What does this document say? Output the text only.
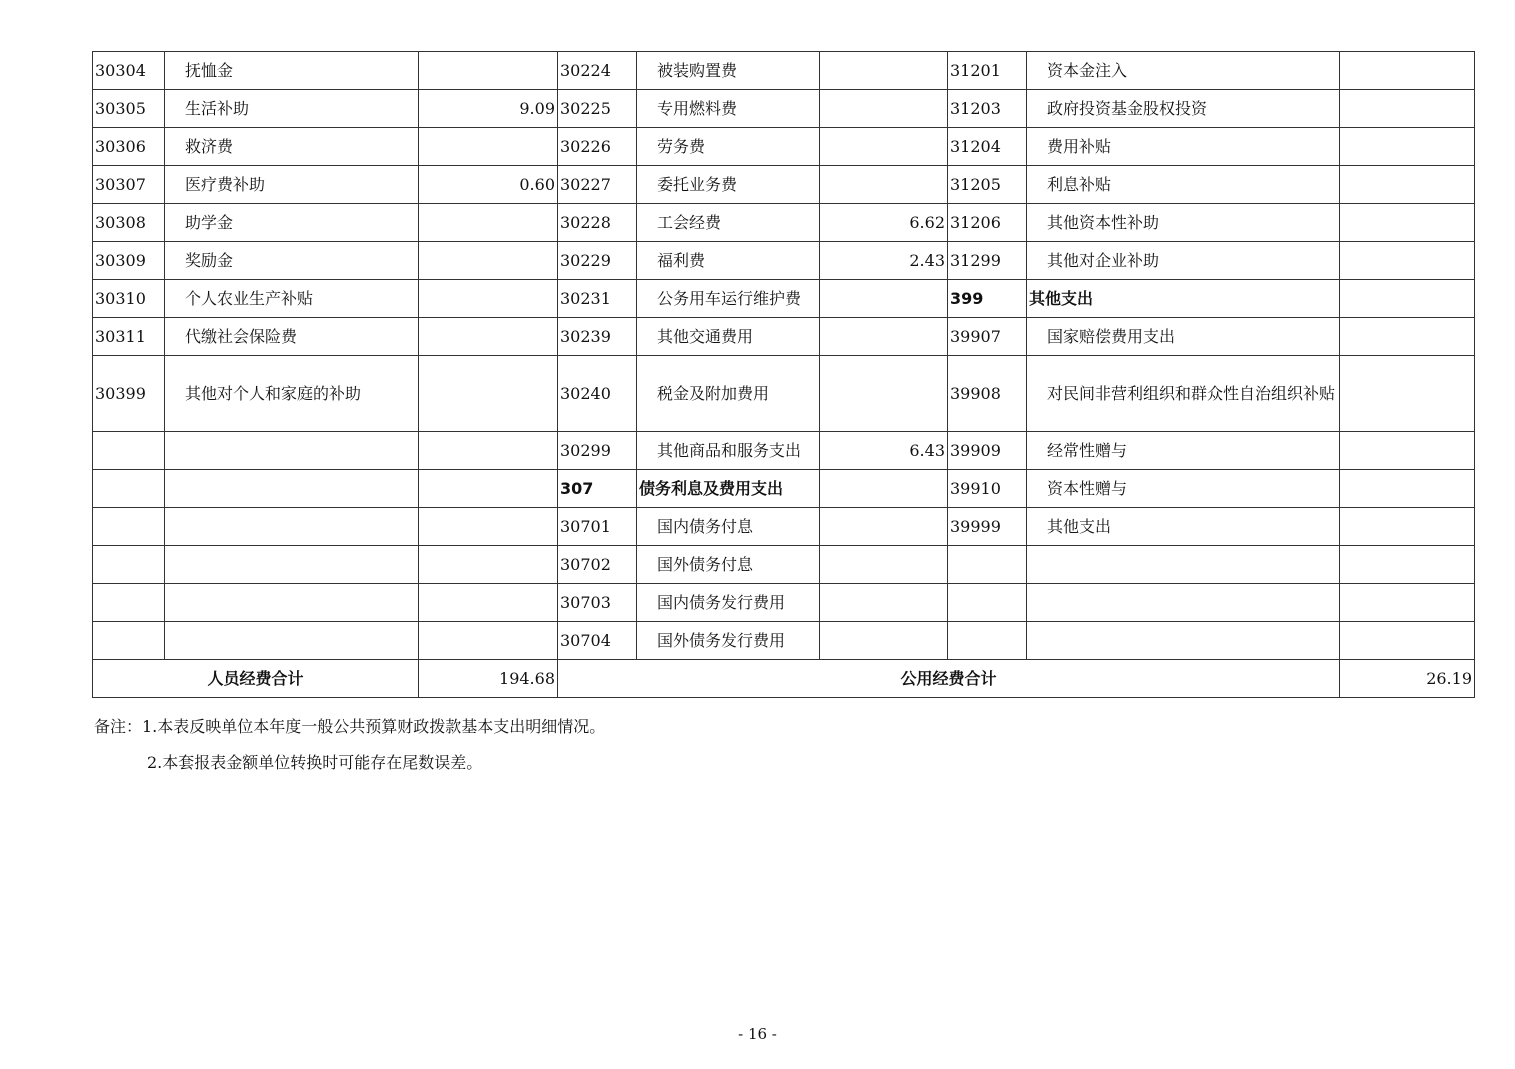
30304	抚恤金		30224	被装购置费		31201	资本金注入	
30305	生活补助	9.09	30225	专用燃料费		31203	政府投资基金股权投资	
30306	救济费		30226	劳务费		31204	费用补贴	
30307	医疗费补助	0.60	30227	委托业务费		31205	利息补贴	
30308	助学金		30228	工会经费	6.62	31206	其他资本性补助	
30309	奖励金		30229	福利费	2.43	31299	其他对企业补助	
30310	个人农业生产补贴		30231	公务用车运行维护费		399	其他支出	
30311	代缴社会保险费		30239	其他交通费用		39907	国家赔偿费用支出	
30399	其他对个人和家庭的补助		30240	税金及附加费用		39908	对民间非营利组织和群众性自治组织补贴	
			30299	其他商品和服务支出	6.43	39909	经常性赠与	
			307	债务利息及费用支出		39910	资本性赠与	
			30701	国内债务付息		39999	其他支出	
			30702	国外债务付息				
			30703	国内债务发行费用				
			30704	国外债务发行费用				
人员经费合计		194.68	公用经费合计					26.19
备注：1.本表反映单位本年度一般公共预算财政拨款基本支出明细情况。
2.本套报表金额单位转换时可能存在尾数误差。
- 16 -
